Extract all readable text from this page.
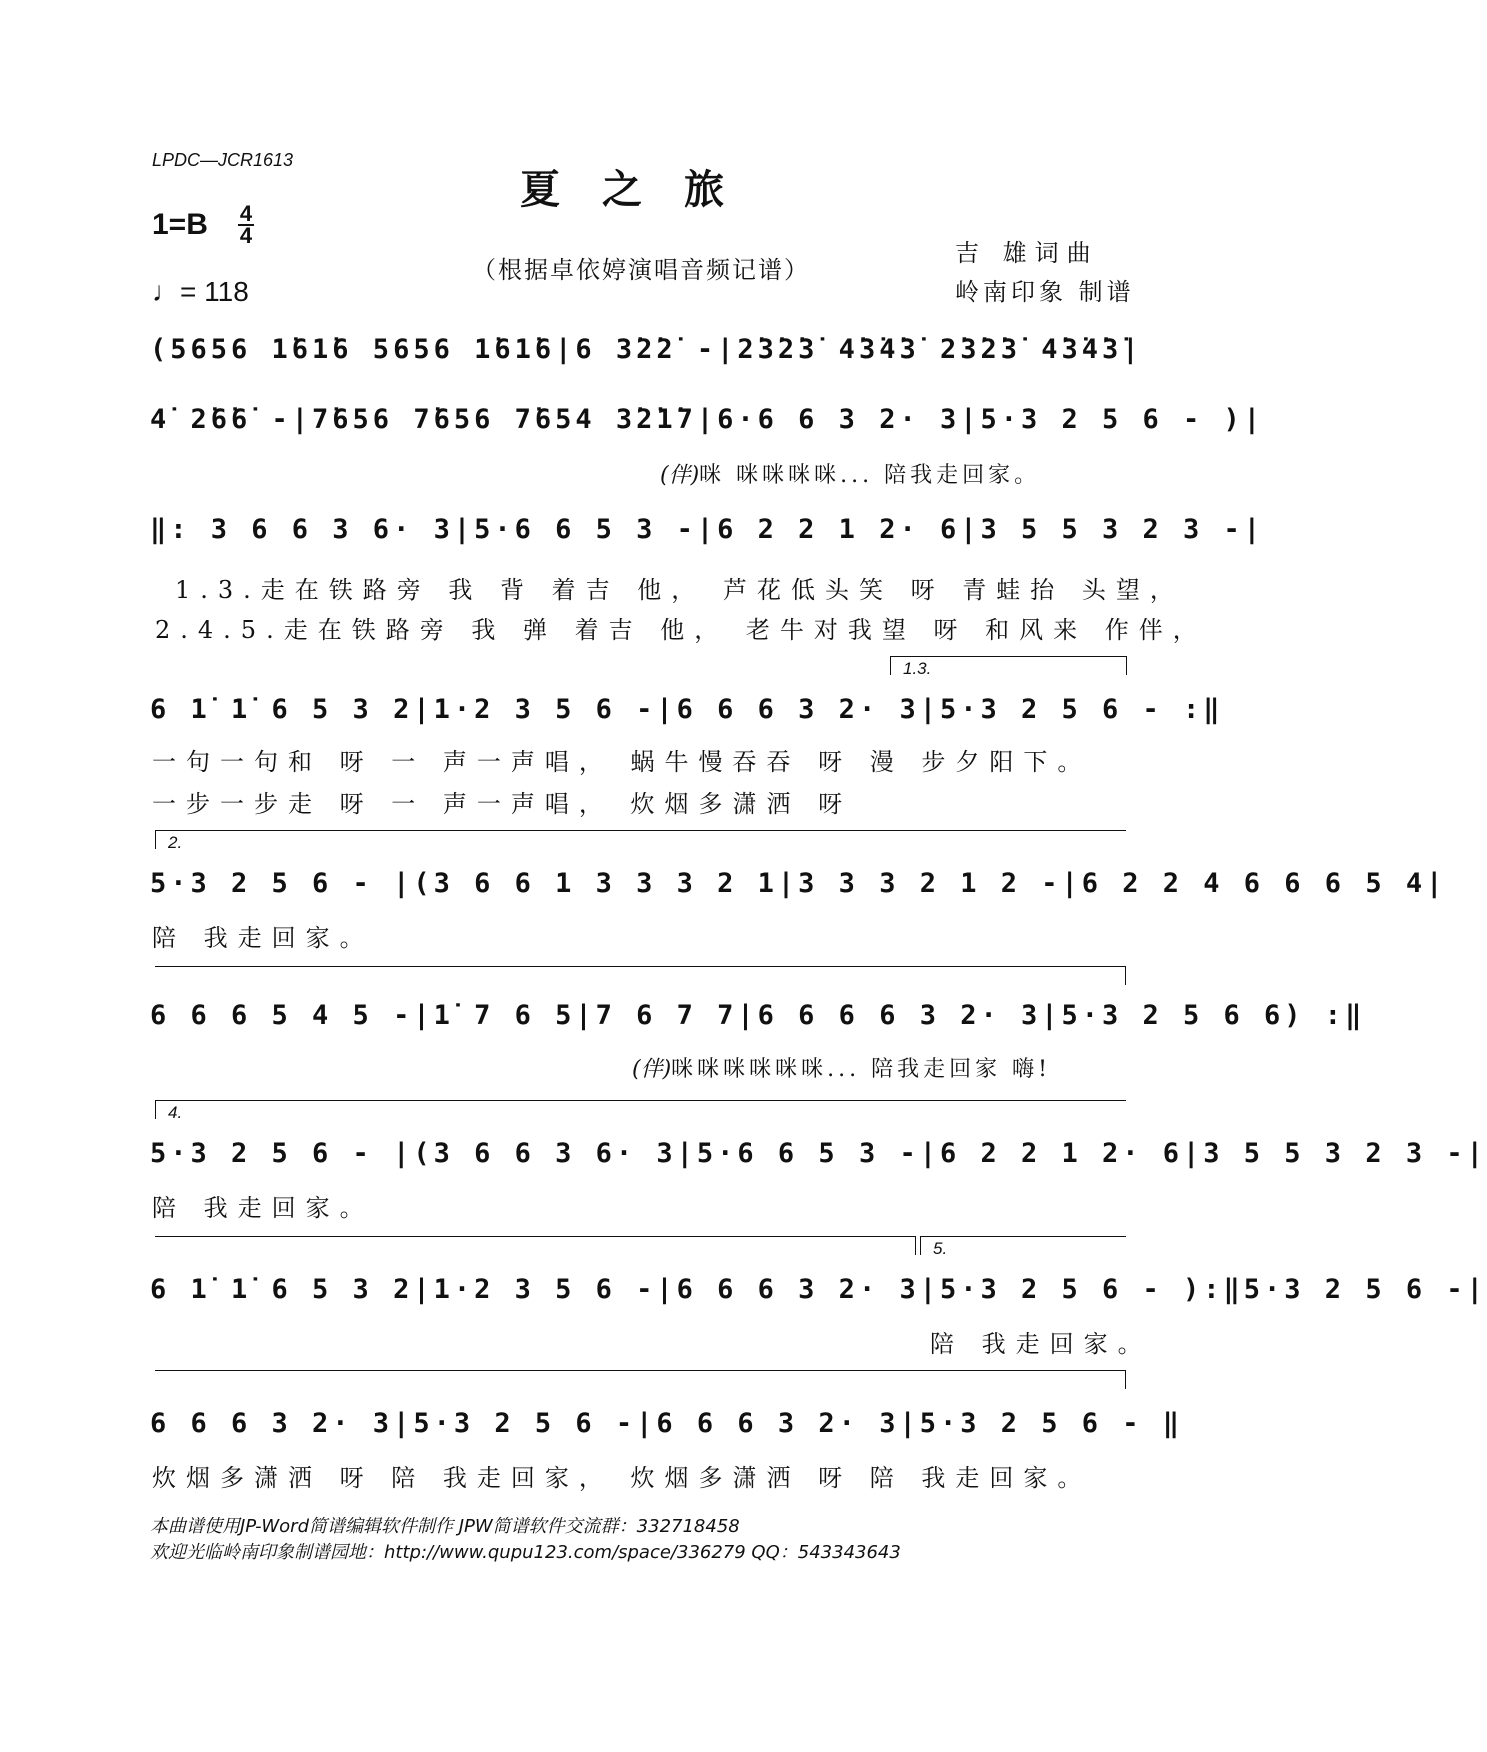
LPDC—JCR1613
夏之旅
1=B 4
4
♩= 118
（根据卓依婷演唱音频记谱）
吉 雄词曲
岭南印象 制谱
(5656 1̇61̇6 5656 1̇61̇6|6 3̇2̇2̇ -|2̇3̇2̇3̇ 4̇3̇4̇3̇ 2̇3̇2̇3̇ 4̇3̇4̇3̇|
4̇ 2̇6̇6̇ -|7̇656 7̇656 7̇654 3̇2̇1̇7|6·6 6 3 2· 3|5·3 2 5 6 - )|
(伴)咪 咪咪咪咪... 陪我走回家。
‖: 3 6 6 3 6· 3|5·6 6 5 3 -|6 2 2 1 2· 6|3 5 5 3 2 3 -|
1.3.走在铁路旁 我 背 着吉 他， 芦花低头笑 呀 青蛙抬 头望，
2.4.5.走在铁路旁 我 弹 着吉 他， 老牛对我望 呀 和风来 作伴，
1.3.
6 1̇ 1̇ 6 5 3 2|1·2 3 5 6 -|6 6 6 3 2· 3|5·3 2 5 6 - :‖
一句一句和 呀 一 声一声唱， 蜗牛慢吞吞 呀 漫 步夕阳下。
一步一步走 呀 一 声一声唱， 炊烟多潇洒 呀
2.
5·3 2 5 6 - |(3 6 6 1 3 3 3 2 1|3 3 3 2 1 2 -|6 2 2 4 6 6 6 5 4|
陪 我走回家。
6 6 6 5 4 5 -|1̇ 7 6 5|7 6 7 7|6 6 6 6 3 2· 3|5·3 2 5 6 6) :‖
(伴)咪咪咪咪咪咪... 陪我走回家 嗨!
4.
5·3 2 5 6 - |(3 6 6 3 6· 3|5·6 6 5 3 -|6 2 2 1 2· 6|3 5 5 3 2 3 -|
陪 我走回家。
5.
6 1̇ 1̇ 6 5 3 2|1·2 3 5 6 -|6 6 6 3 2· 3|5·3 2 5 6 - ):‖5·3 2 5 6 -|
陪 我走回家。
6 6 6 3 2· 3|5·3 2 5 6 -|6 6 6 3 2· 3|5·3 2 5 6 - ‖
炊烟多潇洒 呀 陪 我走回家， 炊烟多潇洒 呀 陪 我走回家。
本曲谱使用JP-Word简谱编辑软件制作 JPW简谱软件交流群：332718458
欢迎光临岭南印象制谱园地：http://www.qupu123.com/space/336279 QQ：543343643
